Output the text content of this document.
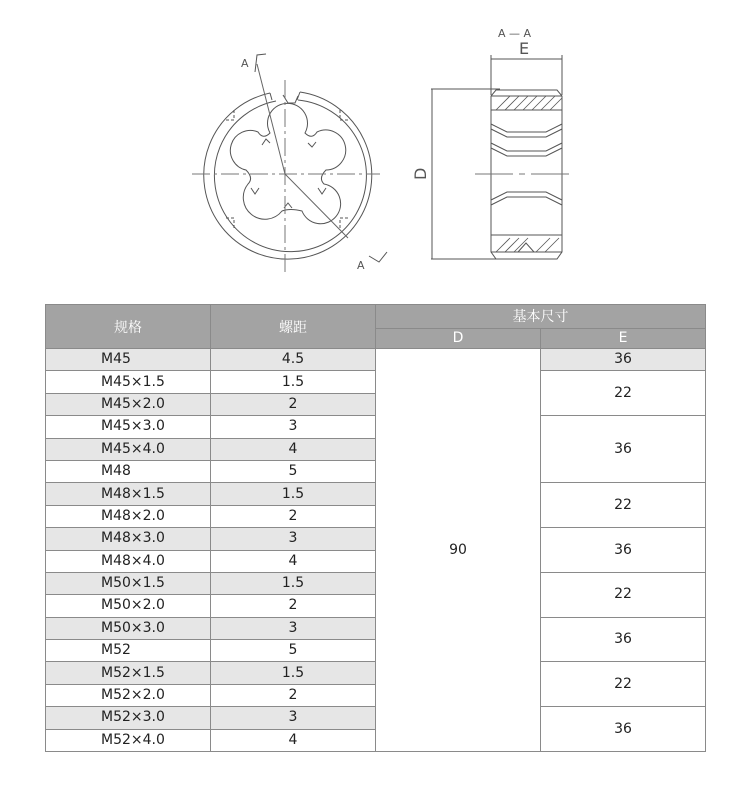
A
A
A — A
E
D
规格	螺距	基本尺寸	
		D	E
M45	4.5	90	36
M45×1.5	1.5		22
M45×2.0	2		
M45×3.0	3		36
M45×4.0	4		
M48	5		
M48×1.5	1.5		22
M48×2.0	2		
M48×3.0	3		36
M48×4.0	4		
M50×1.5	1.5		22
M50×2.0	2		
M50×3.0	3		36
M52	5		
M52×1.5	1.5		22
M52×2.0	2		
M52×3.0	3		36
M52×4.0	4		
